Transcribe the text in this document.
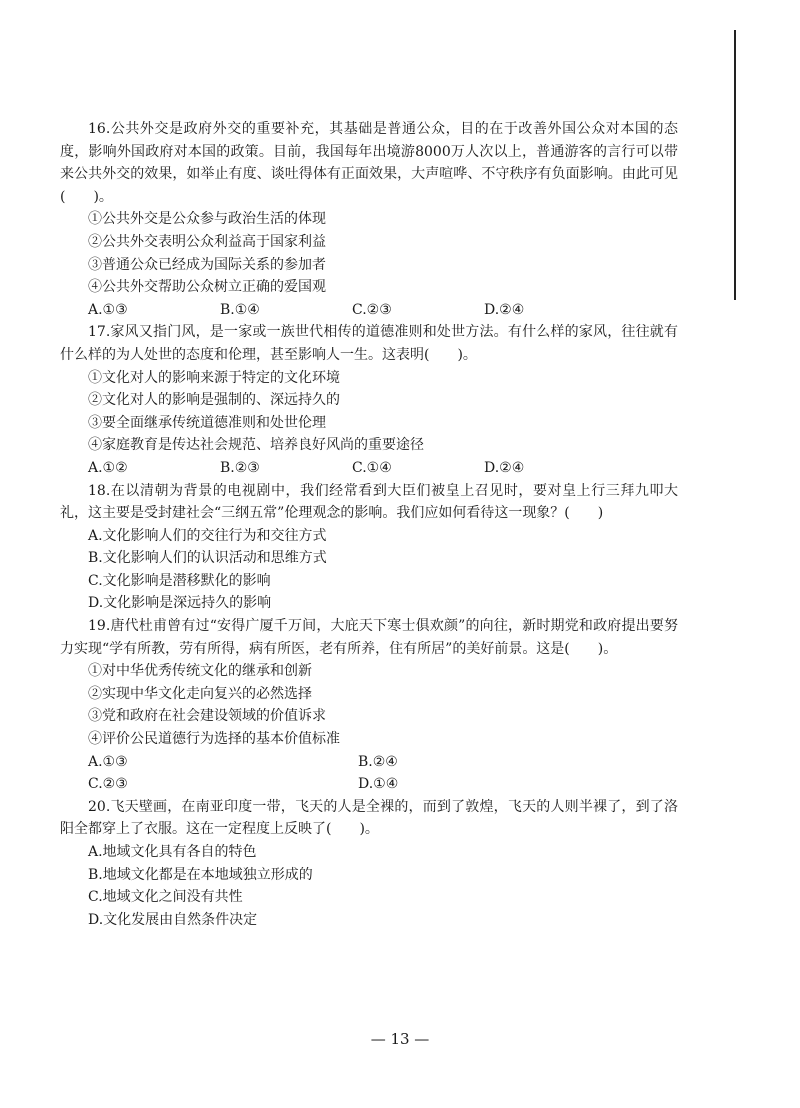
16.公共外交是政府外交的重要补充，其基础是普通公众，目的在于改善外国公众对本国的态度，影响外国政府对本国的政策。目前，我国每年出境游8000万人次以上，普通游客的言行可以带来公共外交的效果，如举止有度、谈吐得体有正面效果，大声喧哗、不守秩序有负面影响。由此可见(　　)。

①公共外交是公众参与政治生活的体现
②公共外交表明公众利益高于国家利益
③普通公众已经成为国际关系的参加者
④公共外交帮助公众树立正确的爱国观
A.①③	B.①④	C.②③	D.②④

17.家风又指门风，是一家或一族世代相传的道德准则和处世方法。有什么样的家风，往往就有什么样的为人处世的态度和伦理，甚至影响人一生。这表明(　　)。

①文化对人的影响来源于特定的文化环境
②文化对人的影响是强制的、深远持久的
③要全面继承传统道德准则和处世伦理
④家庭教育是传达社会规范、培养良好风尚的重要途径
A.①②	B.②③	C.①④	D.②④

18.在以清朝为背景的电视剧中，我们经常看到大臣们被皇上召见时，要对皇上行三拜九叩大礼，这主要是受封建社会“三纲五常”伦理观念的影响。我们应如何看待这一现象？(　　)

A.文化影响人们的交往行为和交往方式
B.文化影响人们的认识活动和思维方式
C.文化影响是潜移默化的影响
D.文化影响是深远持久的影响

19.唐代杜甫曾有过“安得广厦千万间，大庇天下寒士俱欢颜”的向往，新时期党和政府提出要努力实现“学有所教，劳有所得，病有所医，老有所养，住有所居”的美好前景。这是(　　)。

①对中华优秀传统文化的继承和创新
②实现中华文化走向复兴的必然选择
③党和政府在社会建设领域的价值诉求
④评价公民道德行为选择的基本价值标准
A.①③	B.②④
C.②③	D.①④

20.飞天壁画，在南亚印度一带，飞天的人是全裸的，而到了敦煌，飞天的人则半裸了，到了洛阳全都穿上了衣服。这在一定程度上反映了(　　)。

A.地域文化具有各自的特色
B.地域文化都是在本地域独立形成的
C.地域文化之间没有共性
D.文化发展由自然条件决定
— 13 —
